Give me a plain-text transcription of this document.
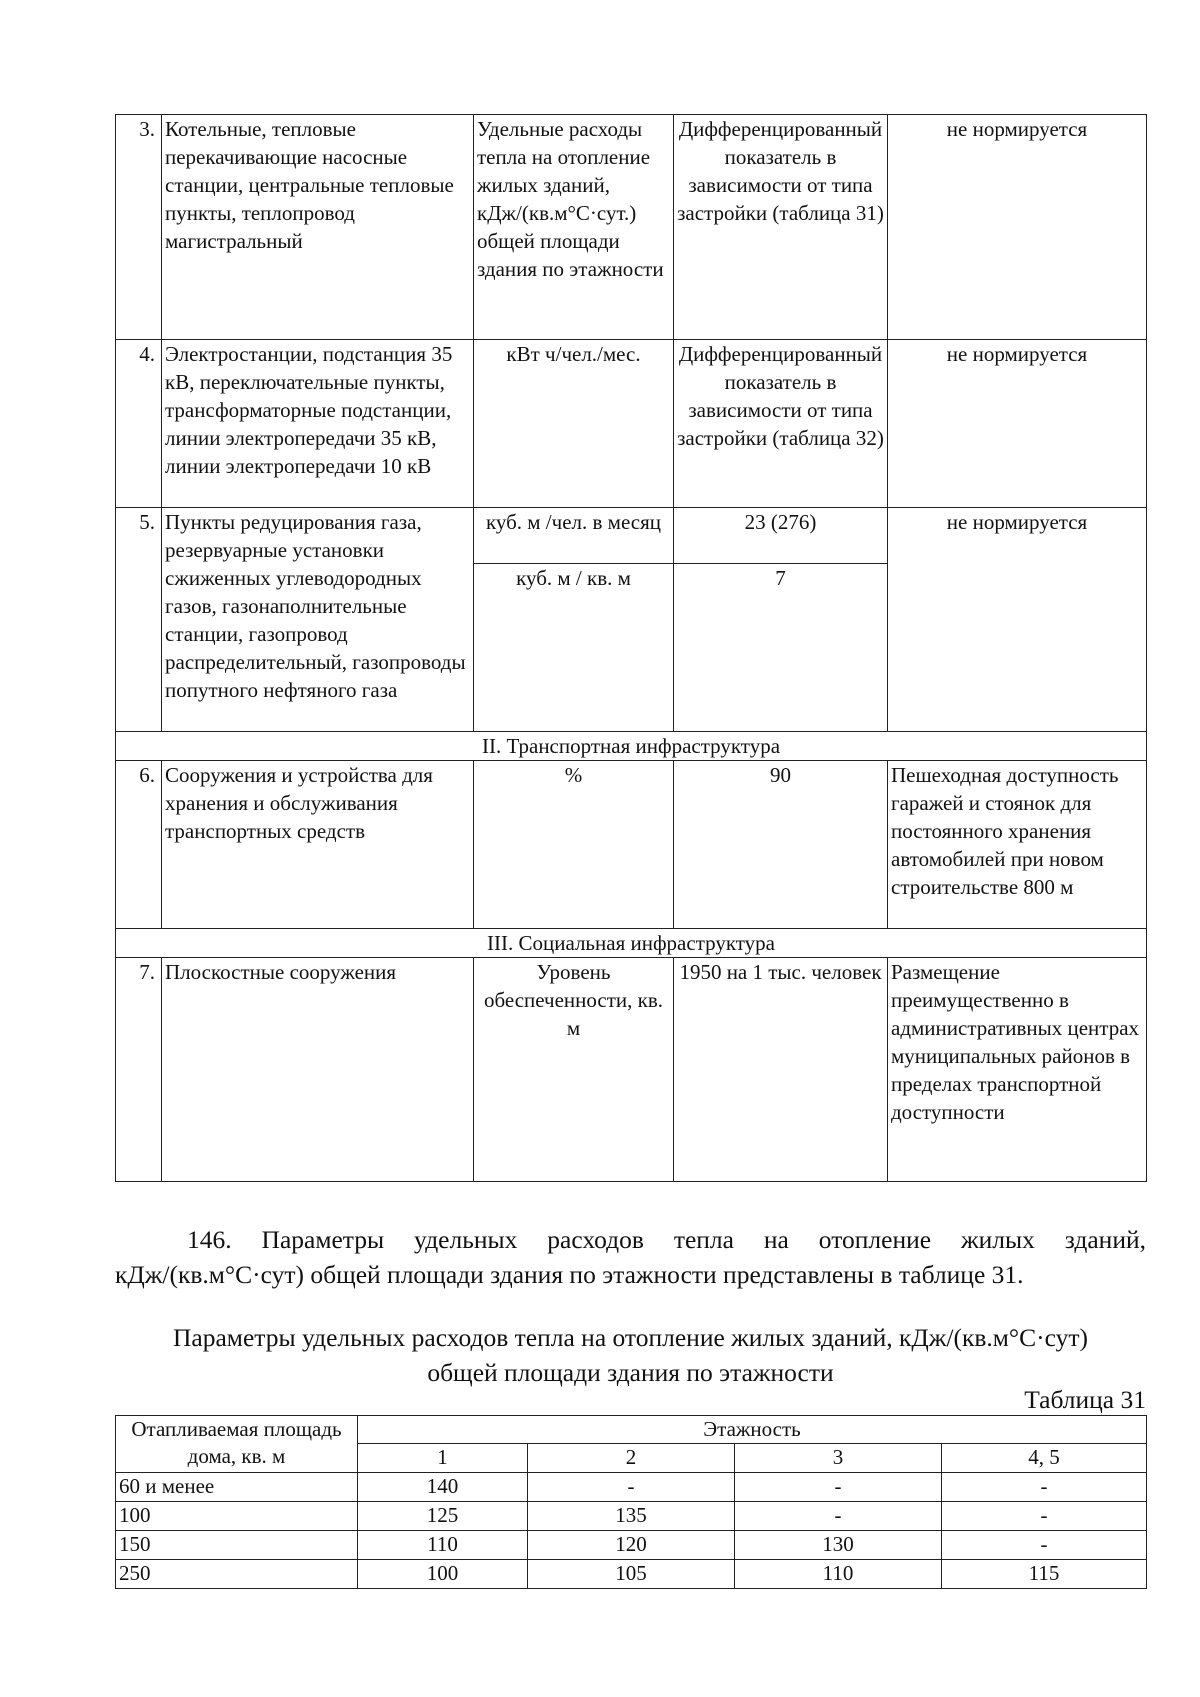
3.	Котельные, тепловые перекачивающие насосные станции, центральные тепловые пункты, теплопровод магистральный	Удельные расходы тепла на отопление жилых зданий, кДж/(кв.м°С·сут.) общей площади здания по этажности	Дифференцированный показатель в зависимости от типа застройки (таблица 31)	не нормируется
4.	Электростанции, подстанция 35 кВ, переключательные пункты, трансформаторные подстанции, линии электропередачи 35 кВ, линии электропередачи 10 кВ	кВт ч/чел./мес.	Дифференцированный показатель в зависимости от типа застройки (таблица 32)	не нормируется
5.	Пункты редуцирования газа, резервуарные установки сжиженных углеводородных газов, газонаполнительные станции, газопровод распределительный, газопроводы попутного нефтяного газа	куб. м /чел. в месяц	23 (276)	не нормируется
		куб. м / кв. м	7	
II. Транспортная инфраструктура				
6.	Сооружения и устройства для хранения и обслуживания транспортных средств	%	90	Пешеходная доступность гаражей и стоянок для постоянного хранения автомобилей при новом строительстве 800 м
III. Социальная инфраструктура				
7.	Плоскостные сооружения	Уровень обеспеченности, кв. м	1950 на 1 тыс. человек	Размещение преимущественно в административных центрах муниципальных районов в пределах транспортной доступности
146. Параметры удельных расходов тепла на отопление жилых зданий,
кДж/(кв.м°С·сут) общей площади здания по этажности представлены в таблице 31.
Параметры удельных расходов тепла на отопление жилых зданий, кДж/(кв.м°С·сут)
общей площади здания по этажности
Таблица 31
Отапливаемая площадь дома, кв. м	Этажность			
	1	2	3	4, 5
60 и менее	140	-	-	-
100	125	135	-	-
150	110	120	130	-
250	100	105	110	115
